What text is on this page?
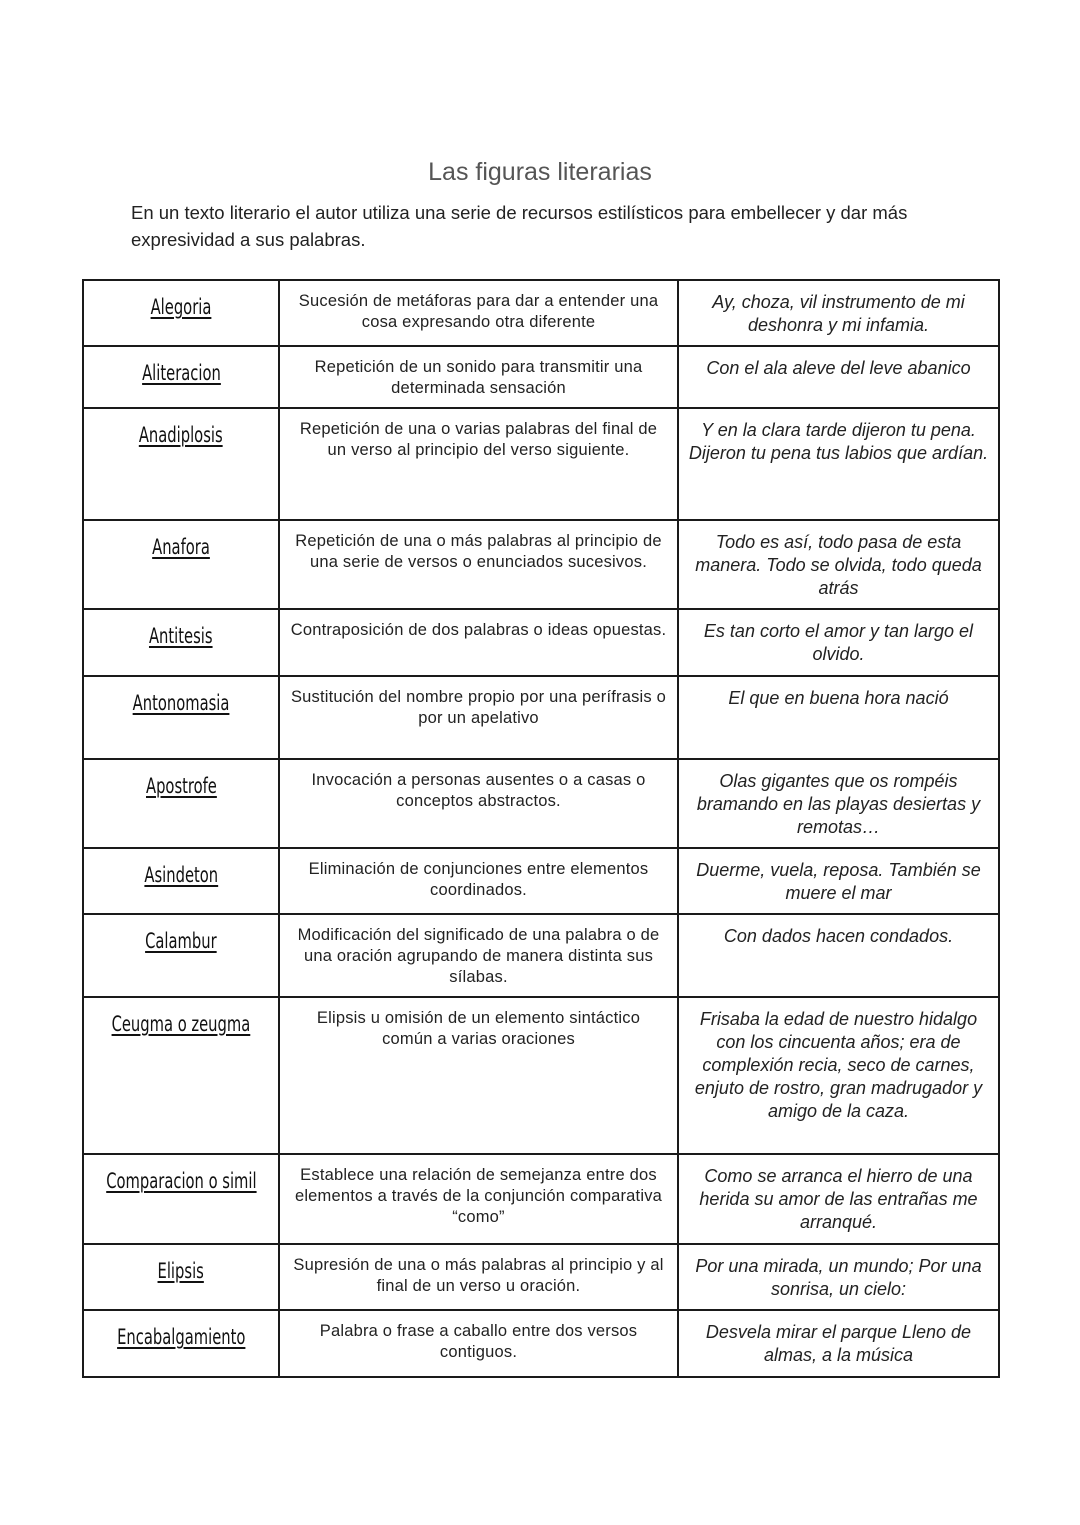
Las figuras literarias
En un texto literario el autor utiliza una serie de recursos estilísticos para embellecer y dar más expresividad a sus palabras.
Alegoria	Sucesión de metáforas para dar a entender una cosa expresando otra diferente	Ay, choza, vil instrumento de mi deshonra y mi infamia.
Aliteracion	Repetición de un sonido para transmitir una determinada sensación	Con el ala aleve del leve abanico
Anadiplosis	Repetición de una o varias palabras del final de un verso al principio del verso siguiente.	Y en la clara tarde dijeron tu pena. Dijeron tu pena tus labios que ardían.
Anafora	Repetición de una o más palabras al principio de una serie de versos o enunciados sucesivos.	Todo es así, todo pasa de esta manera. Todo se olvida, todo queda atrás
Antitesis	Contraposición de dos palabras o ideas opuestas.	Es tan corto el amor y tan largo el olvido.
Antonomasia	Sustitución del nombre propio por una perífrasis o por un apelativo	El que en buena hora nació
Apostrofe	Invocación a personas ausentes o a casas o conceptos abstractos.	Olas gigantes que os rompéis bramando en las playas desiertas y remotas…
Asindeton	Eliminación de conjunciones entre elementos coordinados.	Duerme, vuela, reposa. También se muere el mar
Calambur	Modificación del significado de una palabra o de una oración agrupando de manera distinta sus sílabas.	Con dados hacen condados.
Ceugma o zeugma	Elipsis u omisión de un elemento sintáctico común a varias oraciones	Frisaba la edad de nuestro hidalgo con los cincuenta años; era de complexión recia, seco de carnes, enjuto de rostro, gran madrugador y amigo de la caza.
Comparacion o simil	Establece una relación de semejanza entre dos elementos a través de la conjunción comparativa “como”	Como se arranca el hierro de una herida su amor de las entrañas me arranqué.
Elipsis	Supresión de una o más palabras al principio y al final de un verso u oración.	Por una mirada, un mundo; Por una sonrisa, un cielo:
Encabalgamiento	Palabra o frase a caballo entre dos versos contiguos.	Desvela mirar el parque Lleno de almas, a la música
